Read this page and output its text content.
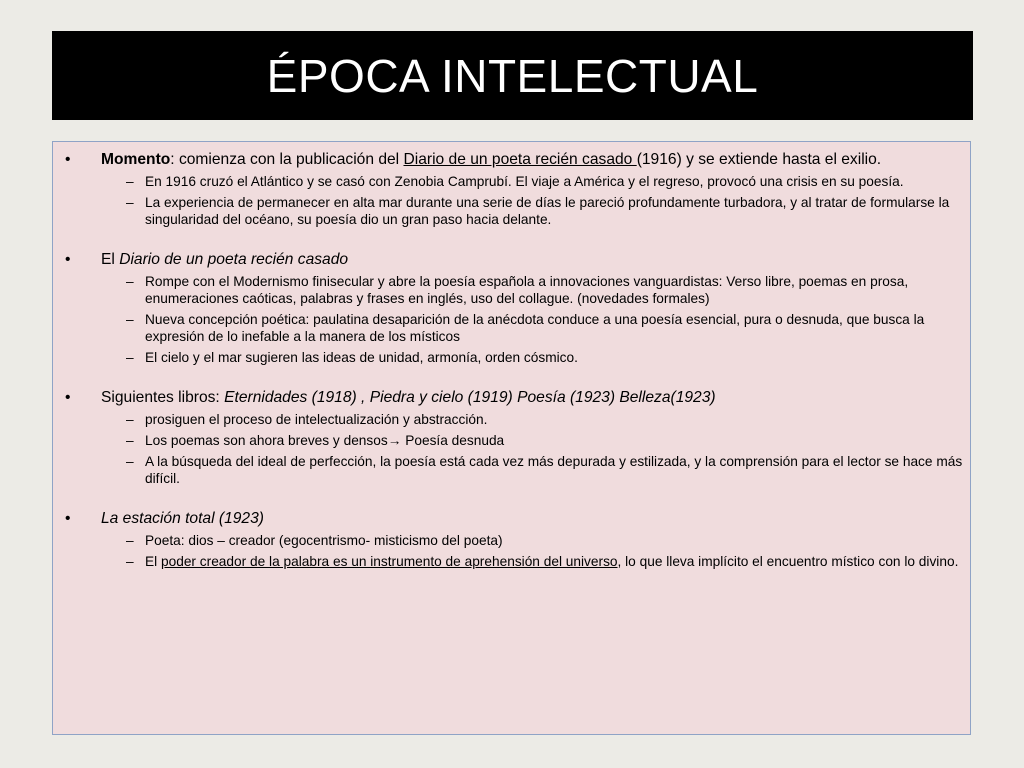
ÉPOCA INTELECTUAL
•	Momento: comienza con la publicación del Diario de un poeta recién casado (1916) y se extiende hasta el exilio.
– En 1916 cruzó el Atlántico y se casó con Zenobia Camprubí. El viaje a América y el regreso, provocó una crisis en su poesía.
– La experiencia de permanecer en alta mar durante una serie de días le pareció profundamente turbadora, y al tratar de formularse la singularidad del océano, su poesía dio un gran paso hacia delante.
•	El Diario de un poeta recién casado
– Rompe con el Modernismo finisecular y abre la poesía española a innovaciones vanguardistas: Verso libre, poemas en prosa, enumeraciones caóticas, palabras y frases en inglés, uso del collague. (novedades formales)
– Nueva concepción poética: paulatina desaparición de la anécdota conduce a una poesía esencial, pura o desnuda, que busca la expresión de lo inefable a la manera de los místicos
– El cielo y el mar sugieren las ideas de unidad, armonía, orden cósmico.
•	Siguientes libros: Eternidades (1918) , Piedra y cielo (1919) Poesía (1923) Belleza(1923)
– prosiguen el proceso de intelectualización y abstracción.
– Los poemas son ahora breves y densos→ Poesía desnuda
– A la búsqueda del ideal de perfección, la poesía está cada vez más depurada y estilizada, y la comprensión para el lector se hace más difícil.
•	La estación total (1923)
– Poeta: dios – creador (egocentrismo- misticismo del poeta)
– El poder creador de la palabra es un instrumento de aprehensión del universo, lo que lleva implícito el encuentro místico con lo divino.
